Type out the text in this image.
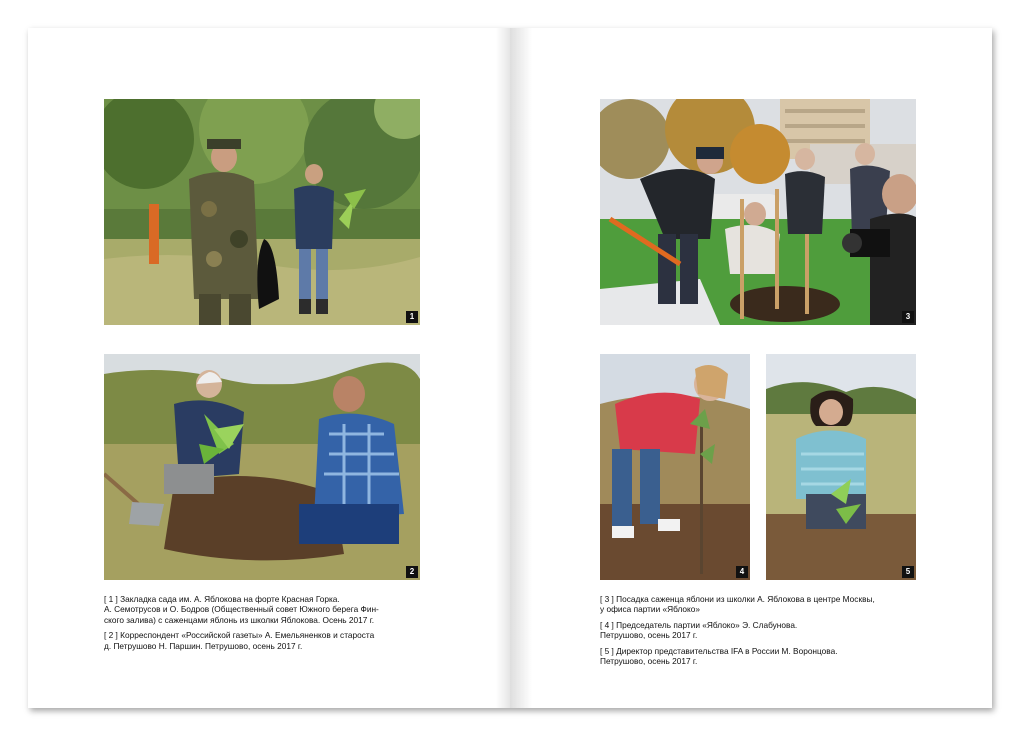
1
2

[ 1 ] Закладка сада им. А. Яблокова на форте Красная Горка.
А. Семотрусов и О. Бодров (Общественный совет Южного берега Фин-
ского залива) с саженцами яблонь из школки Яблокова. Осень 2017 г.

[ 2 ] Корреспондент «Российской газеты» А. Емельяненков и староста
д. Петрушово Н. Паршин. Петрушово, осень 2017 г.

3
4	5

[ 3 ] Посадка саженца яблони из школки А. Яблокова в центре Москвы,
у офиса партии «Яблоко»

[ 4 ] Председатель партии «Яблоко» Э. Слабунова.
Петрушово, осень 2017 г.

[ 5 ] Директор представительства IFA в России М. Воронцова.
Петрушово, осень 2017 г.
